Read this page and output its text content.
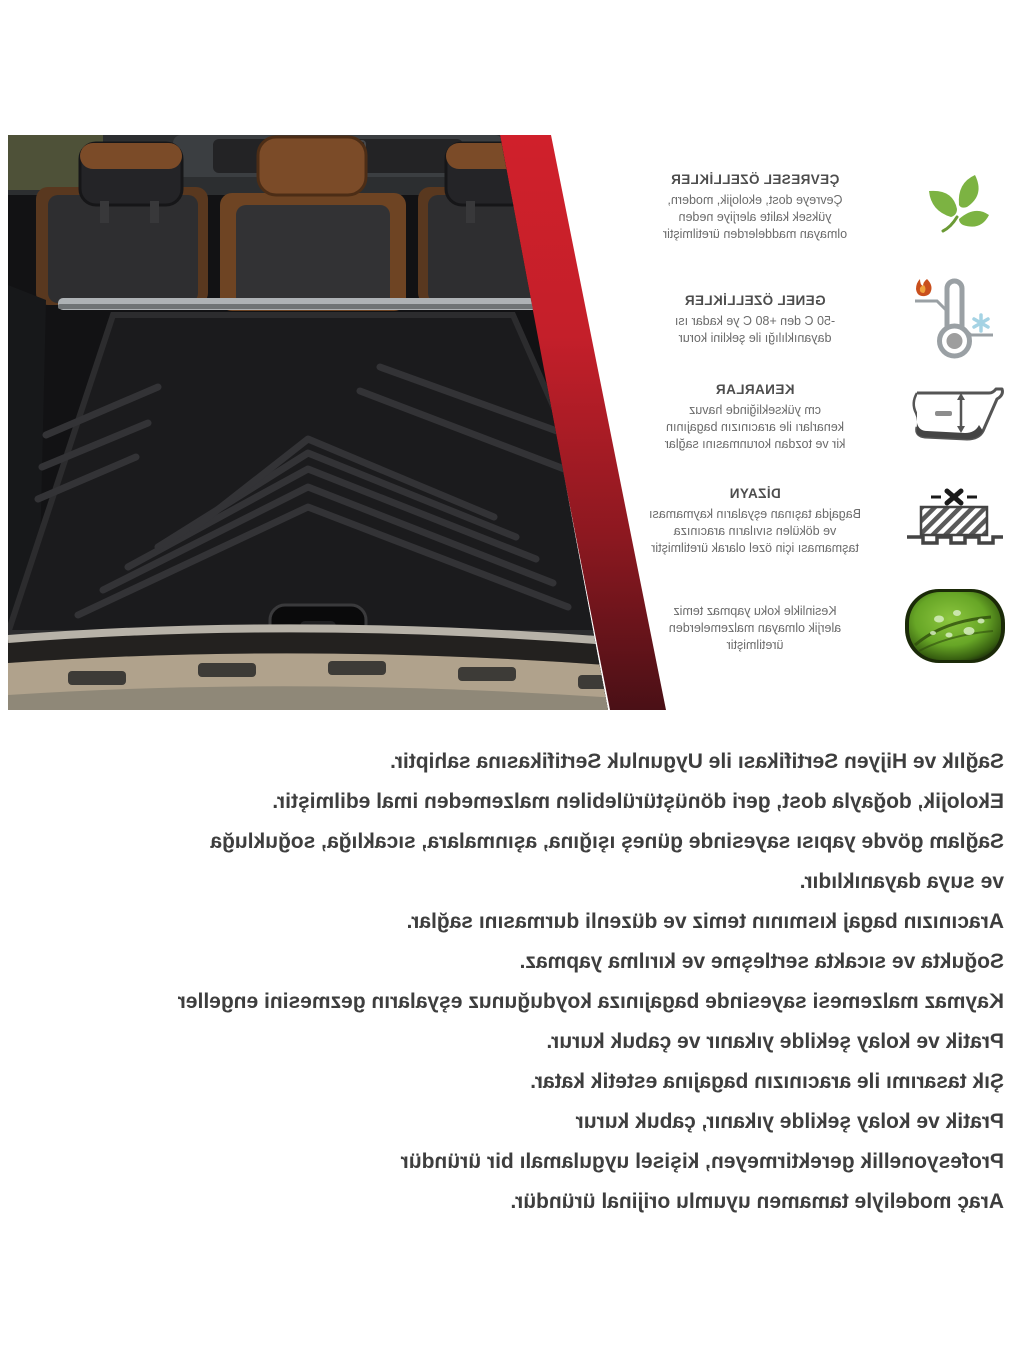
ÇEVRESEL ÖZELLİKLER
Çevreye dost, ekolojik, modern,
yüksek kalite alerjiye neden
olmayan maddelerden üretilmiştir
GENEL ÖZELLİKLER
-50 C den +80 C ye kadar ısı
dayanıklılığı ile şeklini korur
KENARLAR
cm yüksekliğinde havuz
kenarları ile aracınızın bagajının
kir ve tozdan korunmasını sağlar
DİZAYN
Bagajda taşınan eşyaların kaymaması
ve dökülen sıvıların aracınıza
taşmaması için özel olarak üretilmiştir
Kesinlikle koku yapmaz temiz
alerjik olmayan malzemelerden
üretilmiştir
Sağlık ve Hijyen Sertifikası ile Uygunluk Sertifikasına sahiptir.
Ekolojik, doğayla dost, geri dönüştürülebilen malzemeden imal edilmiştir.
Sağlam gövde yapısı sayesinde güneş ışığına, aşınmalara, sıcaklığa, soğukluğa
ve suya dayanıklıdır.
Aracınızın bagaj kısmının temiz ve düzenli durmasını sağlar.
Soğukta ve sıcakta sertleşme ve kırılma yapmaz.
Kaymaz malzemesi sayesinde bagajınıza koyduğunuz eşyaların gezmesini engeller
Pratik ve kolay şekilde yıkanır ve çabuk kurur.
Şık tasarımı ile aracınızın bagajına estetik katar.
Pratik ve kolay şekilde yıkanır, çabuk kurur
Profesyonellik gerektirmeyen, kişisel uygulamalı bir üründür
Araç modeliyle tamamen uyumlu orijinal üründür.
